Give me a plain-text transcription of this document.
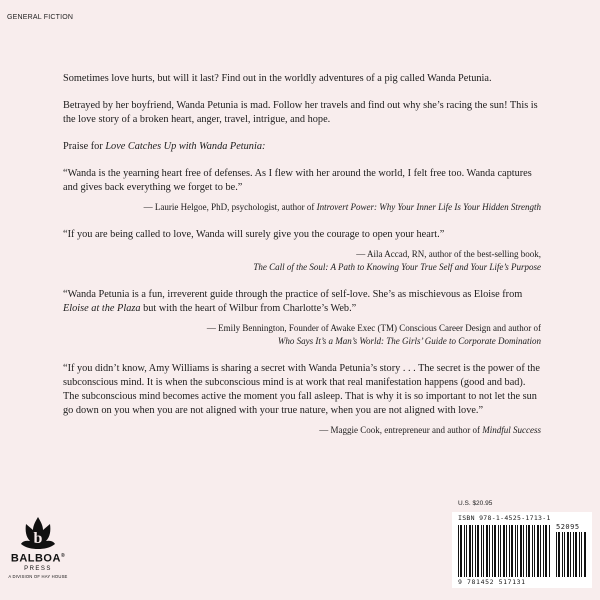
GENERAL FICTION

Sometimes love hurts, but will it last? Find out in the worldly adventures of a pig called Wanda Petunia.

Betrayed by her boyfriend, Wanda Petunia is mad. Follow her travels and find out why she’s racing the sun! This is the love story of a broken heart, anger, travel, intrigue, and hope.

Praise for Love Catches Up with Wanda Petunia:

“Wanda is the yearning heart free of defenses. As I flew with her around the world, I felt free too. Wanda captures and gives back everything we forget to be.”

— Laurie Helgoe, PhD, psychologist, author of Introvert Power: Why Your Inner Life Is Your Hidden Strength

“If you are being called to love, Wanda will surely give you the courage to open your heart.”

— Aila Accad, RN, author of the best-selling book,
The Call of the Soul: A Path to Knowing Your True Self and Your Life’s Purpose

“Wanda Petunia is a fun, irreverent guide through the practice of self-love. She’s as mischievous as Eloise from Eloise at the Plaza but with the heart of Wilbur from Charlotte’s Web.”

— Emily Bennington, Founder of Awake Exec (TM) Conscious Career Design and author of
Who Says It’s a Man’s World: The Girls’ Guide to Corporate Domination

“If you didn’t know, Amy Williams is sharing a secret with Wanda Petunia’s story . . . The secret is the power of the subconscious mind. It is when the subconscious mind is at work that real manifestation happens (good and bad). The subconscious mind becomes active the moment you fall asleep. That is why it is so important to not let the sun go down on you when you are not aligned with your true nature, when you are not aligned with love.”

— Maggie Cook, entrepreneur and author of Mindful Success

b
BALBOA®
PRESS
A DIVISION OF HAY HOUSE
U.S. $20.95
ISBN 978-1-4525-1713-1
52095
9 781452 517131
